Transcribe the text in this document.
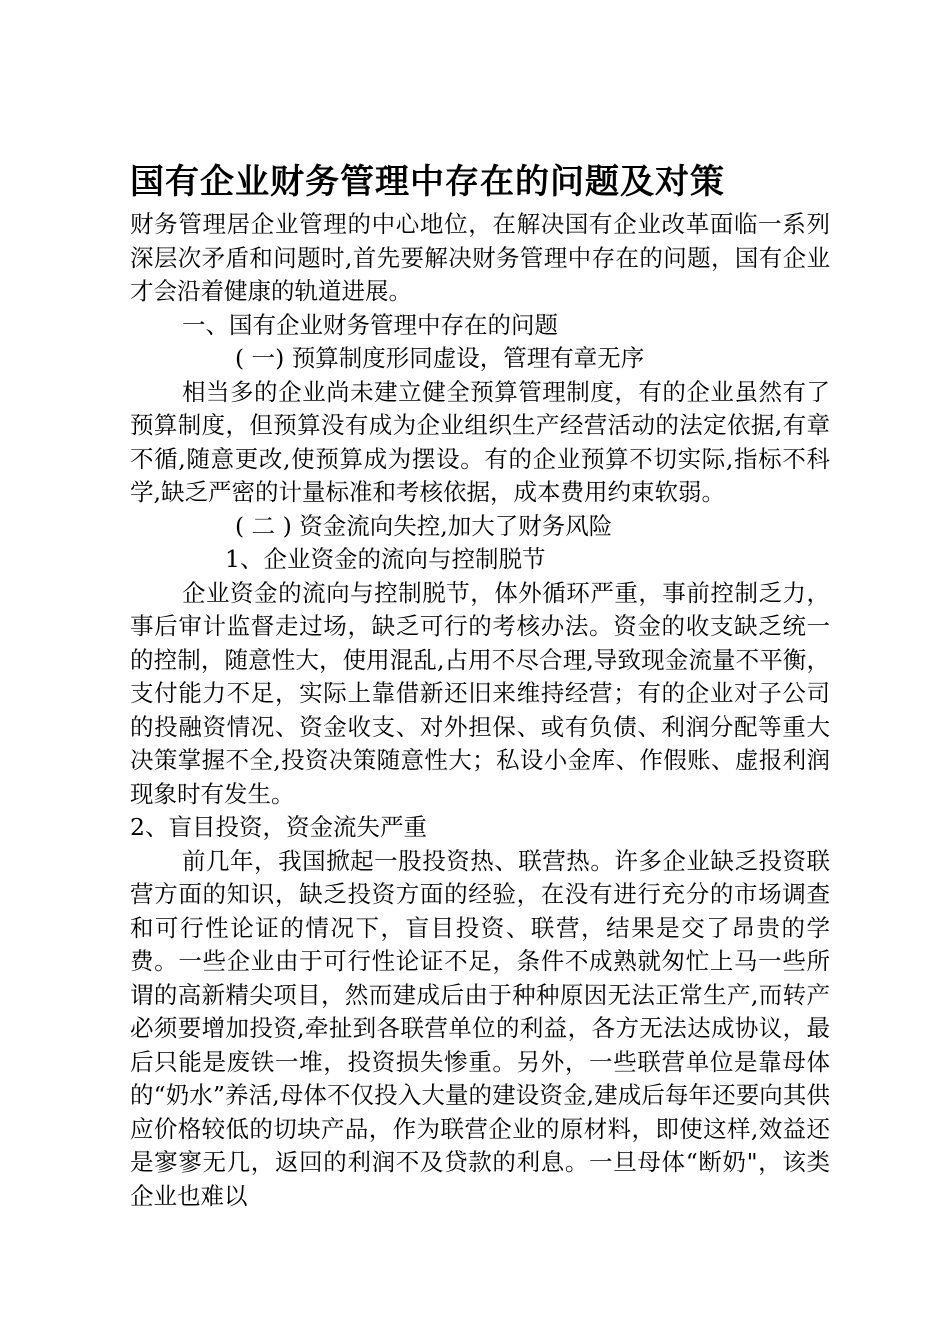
国有企业财务管理中存在的问题及对策

财务管理居企业管理的中心地位，在解决国有企业改革面临一系列深层次矛盾和问题时,首先要解决财务管理中存在的问题，国有企业才会沿着健康的轨道进展。

一、国有企业财务管理中存在的问题

( 一) 预算制度形同虚设，管理有章无序

相当多的企业尚未建立健全预算管理制度，有的企业虽然有了预算制度，但预算没有成为企业组织生产经营活动的法定依据,有章不循,随意更改,使预算成为摆设。有的企业预算不切实际,指标不科学,缺乏严密的计量标准和考核依据，成本费用约束软弱。

( 二 ) 资金流向失控,加大了财务风险

1、企业资金的流向与控制脱节

企业资金的流向与控制脱节，体外循环严重，事前控制乏力，事后审计监督走过场，缺乏可行的考核办法。资金的收支缺乏统一的控制，随意性大，使用混乱,占用不尽合理,导致现金流量不平衡，支付能力不足，实际上靠借新还旧来维持经营；有的企业对子公司的投融资情况、资金收支、对外担保、或有负债、利润分配等重大决策掌握不全,投资决策随意性大；私设小金库、作假账、虚报利润现象时有发生。

2、盲目投资，资金流失严重

前几年，我国掀起一股投资热、联营热。许多企业缺乏投资联营方面的知识，缺乏投资方面的经验，在没有进行充分的市场调查和可行性论证的情况下，盲目投资、联营，结果是交了昂贵的学费。一些企业由于可行性论证不足，条件不成熟就匆忙上马一些所谓的高新精尖项目，然而建成后由于种种原因无法正常生产,而转产必须要增加投资,牵扯到各联营单位的利益，各方无法达成协议，最后只能是废铁一堆，投资损失惨重。另外，一些联营单位是靠母体的“奶水”养活,母体不仅投入大量的建设资金,建成后每年还要向其供应价格较低的切块产品，作为联营企业的原材料，即使这样,效益还是寥寥无几，返回的利润不及贷款的利息。一旦母体“断奶"，该类企业也难以
